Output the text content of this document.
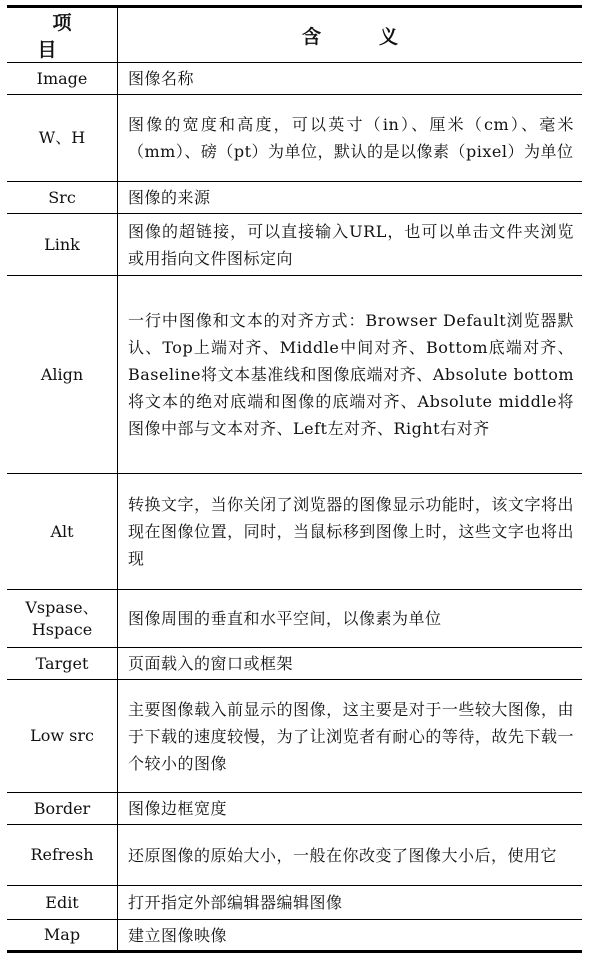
项目	含义
Image	图像名称
W、H	图像的宽度和高度，可以英寸（in）、厘米（cm）、毫米（mm）、磅（pt）为单位，默认的是以像素（pixel）为单位
Src	图像的来源
Link	图像的超链接，可以直接输入URL，也可以单击文件夹浏览或用指向文件图标定向
Align	一行中图像和文本的对齐方式：Browser Default浏览器默认、Top上端对齐、Middle中间对齐、Bottom底端对齐、Baseline将文本基准线和图像底端对齐、Absolute bottom将文本的绝对底端和图像的底端对齐、Absolute middle将图像中部与文本对齐、Left左对齐、Right右对齐
Alt	转换文字，当你关闭了浏览器的图像显示功能时，该文字将出现在图像位置，同时，当鼠标移到图像上时，这些文字也将出现
Vspase、Hspace	图像周围的垂直和水平空间，以像素为单位
Target	页面载入的窗口或框架
Low src	主要图像载入前显示的图像，这主要是对于一些较大图像，由于下载的速度较慢，为了让浏览者有耐心的等待，故先下载一个较小的图像
Border	图像边框宽度
Refresh	还原图像的原始大小，一般在你改变了图像大小后，使用它
Edit	打开指定外部编辑器编辑图像
Map	建立图像映像
